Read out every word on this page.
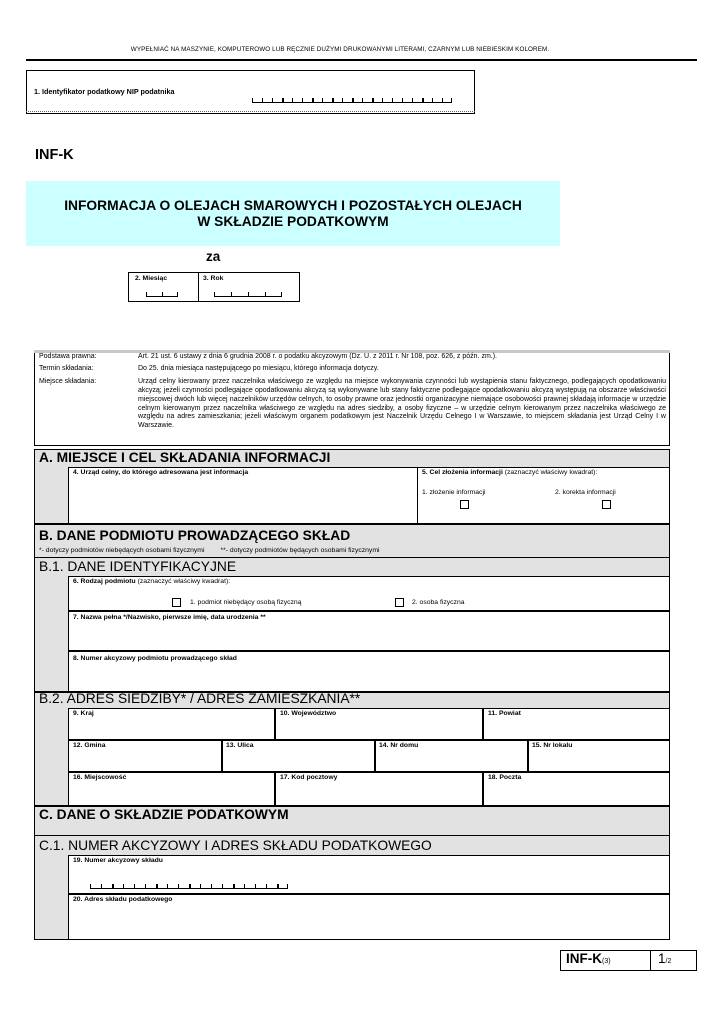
WYPEŁNIAĆ NA MASZYNIE, KOMPUTEROWO LUB RĘCZNIE DUŻYMI DRUKOWANYMI LITERAMI, CZARNYM LUB NIEBIESKIM KOLOREM.
1. Identyfikator podatkowy NIP podatnika
INF-K
INFORMACJA O OLEJACH SMAROWYCH I POZOSTAŁYCH OLEJACH
W SKŁADZIE PODATKOWYM
za
2. Miesiąc	3. Rok
Podstawa prawna:	Art. 21 ust. 6 ustawy z dnia 6 grudnia 2008 r. o podatku akcyzowym (Dz. U. z 2011 r. Nr 108, poz. 626, z późn. zm.).
Termin składania:	Do 25. dnia miesiąca następującego po miesiącu, którego informacja dotyczy.
Miejsce składania:	Urząd celny kierowany przez naczelnika właściwego ze względu na miejsce wykonywania czynności lub wystąpienia stanu faktycznego, podlegających opodatkowaniu akcyzą; jeżeli czynności podlegające opodatkowaniu akcyzą są wykonywane lub stany faktyczne podlegające opodatkowaniu akcyzą występują na obszarze właściwości miejscowej dwóch lub więcej naczelników urzędów celnych, to osoby prawne oraz jednostki organizacyjne niemające osobowości prawnej składają informacje w urzędzie celnym kierowanym przez naczelnika właściwego ze względu na adres siedziby, a osoby fizyczne – w urzędzie celnym kierowanym przez naczelnika właściwego ze względu na adres zamieszkania; jeżeli właściwym organem podatkowym jest Naczelnik Urzędu Celnego I w Warszawie, to miejscem składania jest Urząd Celny I w Warszawie.
A. MIEJSCE I CEL SKŁADANIA INFORMACJI
4. Urząd celny, do którego adresowana jest informacja	5. Cel złożenia informacji (zaznaczyć właściwy kwadrat):
1. złożenie informacji	2. korekta informacji
B. DANE PODMIOTU PROWADZĄCEGO SKŁAD
*- dotyczy podmiotów niebędących osobami fizycznymi **- dotyczy podmiotów będących osobami fizycznymi
B.1. DANE IDENTYFIKACYJNE
6. Rodzaj podmiotu (zaznaczyć właściwy kwadrat):
1. podmiot niebędący osobą fizyczną	2. osoba fizyczna
7. Nazwa pełna */Nazwisko, pierwsze imię, data urodzenia **
8. Numer akcyzowy podmiotu prowadzącego skład
B.2. ADRES SIEDZIBY* / ADRES ZAMIESZKANIA**
9. Kraj	10. Województwo	11. Powiat
12. Gmina	13. Ulica	14. Nr domu	15. Nr lokalu
16. Miejscowość	17. Kod pocztowy	18. Poczta
C. DANE O SKŁADZIE PODATKOWYM
C.1. NUMER AKCYZOWY I ADRES SKŁADU PODATKOWEGO
19. Numer akcyzowy składu
20. Adres składu podatkowego
INF-K(3)	1/2
